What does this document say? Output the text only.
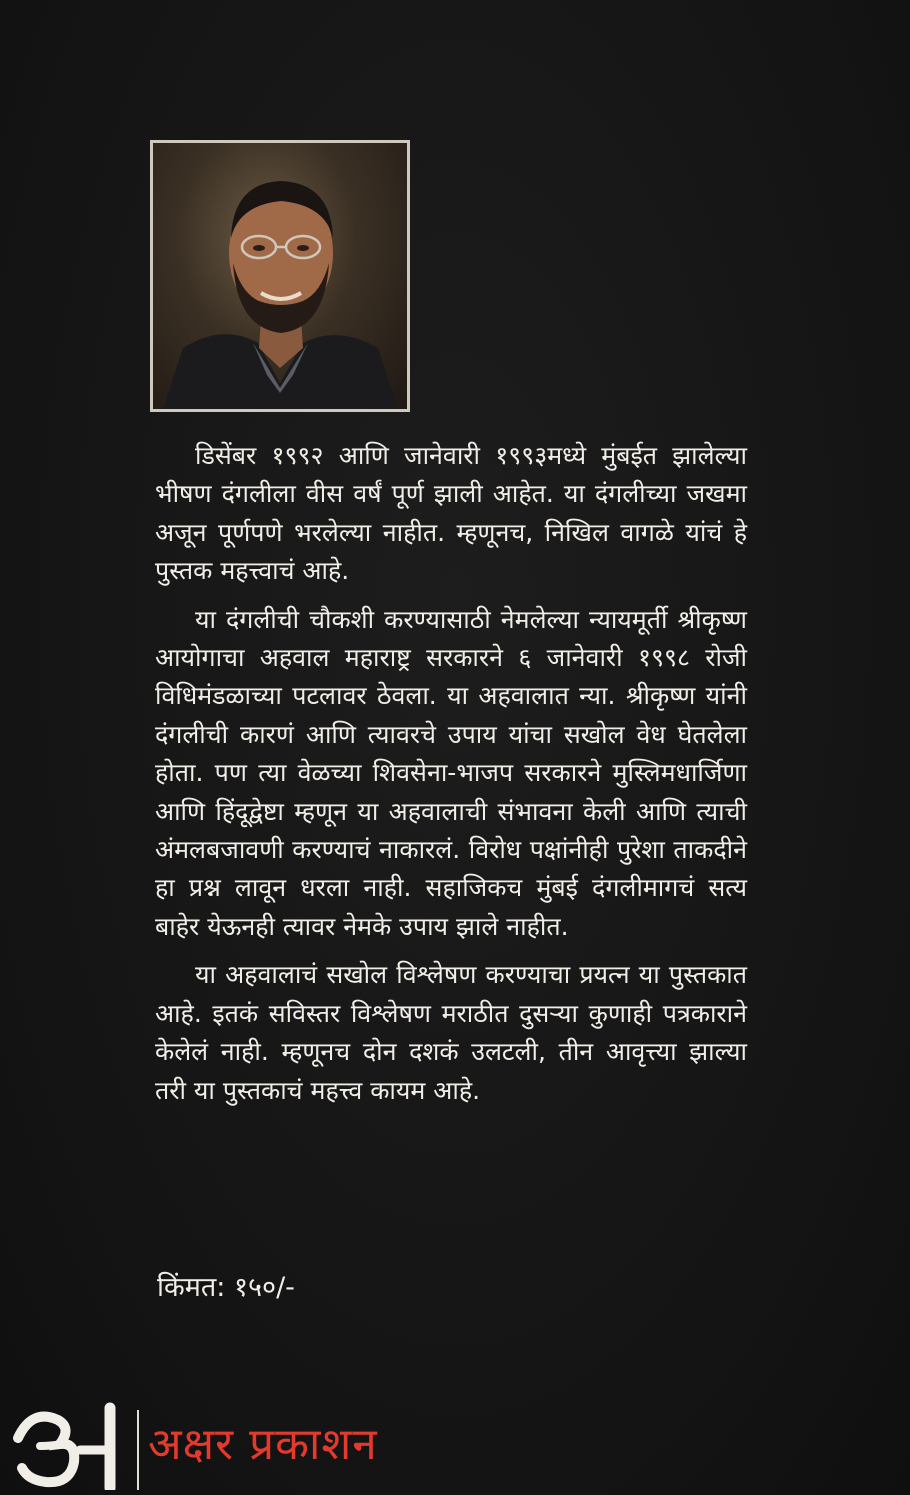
डिसेंबर १९९२ आणि जानेवारी १९९३मध्ये मुंबईत झालेल्या भीषण दंगलीला वीस वर्षं पूर्ण झाली आहेत. या दंगलीच्या जखमा अजून पूर्णपणे भरलेल्या नाहीत. म्हणूनच, निखिल वागळे यांचं हे पुस्तक महत्त्वाचं आहे.

या दंगलीची चौकशी करण्यासाठी नेमलेल्या न्यायमूर्ती श्रीकृष्ण आयोगाचा अहवाल महाराष्ट्र सरकारने ६ जानेवारी १९९८ रोजी विधिमंडळाच्या पटलावर ठेवला. या अहवालात न्या. श्रीकृष्ण यांनी दंगलीची कारणं आणि त्यावरचे उपाय यांचा सखोल वेध घेतलेला होता. पण त्या वेळच्या शिवसेना-भाजप सरकारने मुस्लिमधार्जिणा आणि हिंदूद्वेष्टा म्हणून या अहवालाची संभावना केली आणि त्याची अंमलबजावणी करण्याचं नाकारलं. विरोध पक्षांनीही पुरेशा ताकदीने हा प्रश्न लावून धरला नाही. सहाजिकच मुंबई दंगलीमागचं सत्य बाहेर येऊनही त्यावर नेमके उपाय झाले नाहीत.

या अहवालाचं सखोल विश्लेषण करण्याचा प्रयत्न या पुस्तकात आहे. इतकं सविस्तर विश्लेषण मराठीत दुसऱ्या कुणाही पत्रकाराने केलेलं नाही. म्हणूनच दोन दशकं उलटली, तीन आवृत्त्या झाल्या तरी या पुस्तकाचं महत्त्व कायम आहे.

किंमत: १५०/-
अक्षर प्रकाशन
